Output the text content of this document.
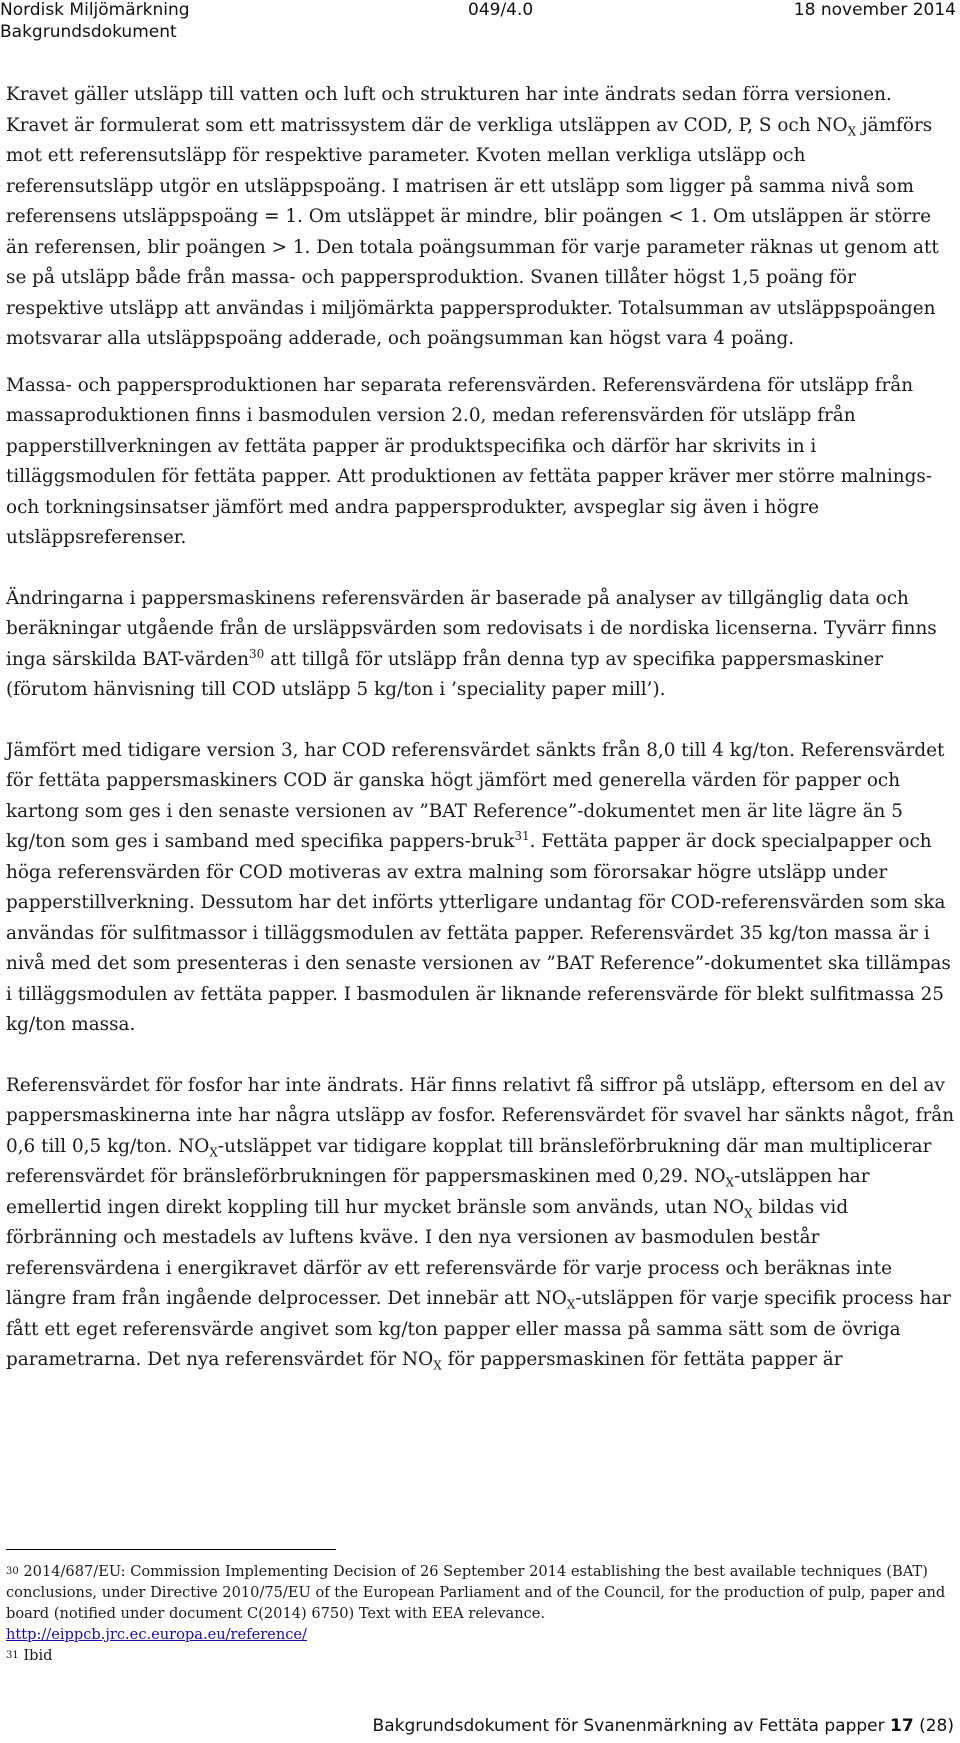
Nordisk Miljömärkning
Bakgrundsdokument
049/4.0	18 november 2014

Kravet gäller utsläpp till vatten och luft och strukturen har inte ändrats sedan förra versionen. Kravet är formulerat som ett matrissystem där de verkliga utsläppen av COD, P, S och $NO_X$ jämförs mot ett referensutsläpp för respektive parameter. Kvoten mellan verkliga utsläpp och referensutsläpp utgör en utsläppspoäng. I matrisen är ett utsläpp som ligger på samma nivå som referensens utsläppspoäng = 1. Om utsläppet är mindre, blir poängen < 1. Om utsläppen är större än referensen, blir poängen > 1. Den totala poängsumman för varje parameter räknas ut genom att se på utsläpp både från massa- och pappersproduktion. Svanen tillåter högst 1,5 poäng för respektive utsläpp att användas i miljömärkta pappersprodukter. Totalsumman av utsläppspoängen motsvarar alla utsläppspoäng adderade, och poängsumman kan högst vara 4 poäng.

Massa- och pappersproduktionen har separata referensvärden. Referensvärdena för utsläpp från massaproduktionen finns i basmodulen version 2.0, medan referensvärden för utsläpp från papperstillverkningen av fettäta papper är produktspecifika och därför har skrivits in i tilläggsmodulen för fettäta papper. Att produktionen av fettäta papper kräver mer större malnings- och torkningsinsatser jämfört med andra pappersprodukter, avspeglar sig även i högre utsläppsreferenser.

Ändringarna i pappersmaskinens referensvärden är baserade på analyser av tillgänglig data och beräkningar utgående från de ursläppsvärden som redovisats i de nordiska licenserna. Tyvärr finns inga särskilda BAT-värden$^{30}$ att tillgå för utsläpp från denna typ av specifika pappersmaskiner (förutom hänvisning till COD utsläpp 5 kg/ton i ’speciality paper mill’).

Jämfört med tidigare version 3, har COD referensvärdet sänkts från 8,0 till 4 kg/ton. Referensvärdet för fettäta pappersmaskiners COD är ganska högt jämfört med generella värden för papper och kartong som ges i den senaste versionen av ”BAT Reference”-dokumentet men är lite lägre än 5 kg/ton som ges i samband med specifika pappers-bruk$^{31}$. Fettäta papper är dock specialpapper och höga referensvärden för COD motiveras av extra malning som förorsakar högre utsläpp under papperstillverkning. Dessutom har det införts ytterligare undantag för COD-referensvärden som ska användas för sulfitmassor i tilläggsmodulen av fettäta papper. Referensvärdet 35 kg/ton massa är i nivå med det som presenteras i den senaste versionen av ”BAT Reference”-dokumentet ska tillämpas i tilläggsmodulen av fettäta papper. I basmodulen är liknande referensvärde för blekt sulfitmassa 25 kg/ton massa.

Referensvärdet för fosfor har inte ändrats. Här finns relativt få siffror på utsläpp, eftersom en del av pappersmaskinerna inte har några utsläpp av fosfor. Referensvärdet för svavel har sänkts något, från 0,6 till 0,5 kg/ton. $NO_X$-utsläppet var tidigare kopplat till bränsleförbrukning där man multiplicerar referensvärdet för bränsleförbrukningen för pappersmaskinen med 0,29. $NO_X$-utsläppen har emellertid ingen direkt koppling till hur mycket bränsle som används, utan $NO_X$ bildas vid förbränning och mestadels av luftens kväve. I den nya versionen av basmodulen består referensvärdena i energikravet därför av ett referensvärde för varje process och beräknas inte längre fram från ingående delprocesser. Det innebär att $NO_X$-utsläppen för varje specifik process har fått ett eget referensvärde angivet som kg/ton papper eller massa på samma sätt som de övriga parametrarna. Det nya referensvärdet för $NO_X$ för pappersmaskinen för fettäta papper är

$^{30}$ 2014/687/EU: Commission Implementing Decision of 26 September 2014 establishing the best available techniques (BAT) conclusions, under Directive 2010/75/EU of the European Parliament and of the Council, for the production of pulp, paper and board (notified under document C(2014) 6750) Text with EEA relevance.
http://eippcb.jrc.ec.europa.eu/reference/

$^{31}$ Ibid

Bakgrundsdokument för Svanenmärkning av Fettäta papper 17 (28)
